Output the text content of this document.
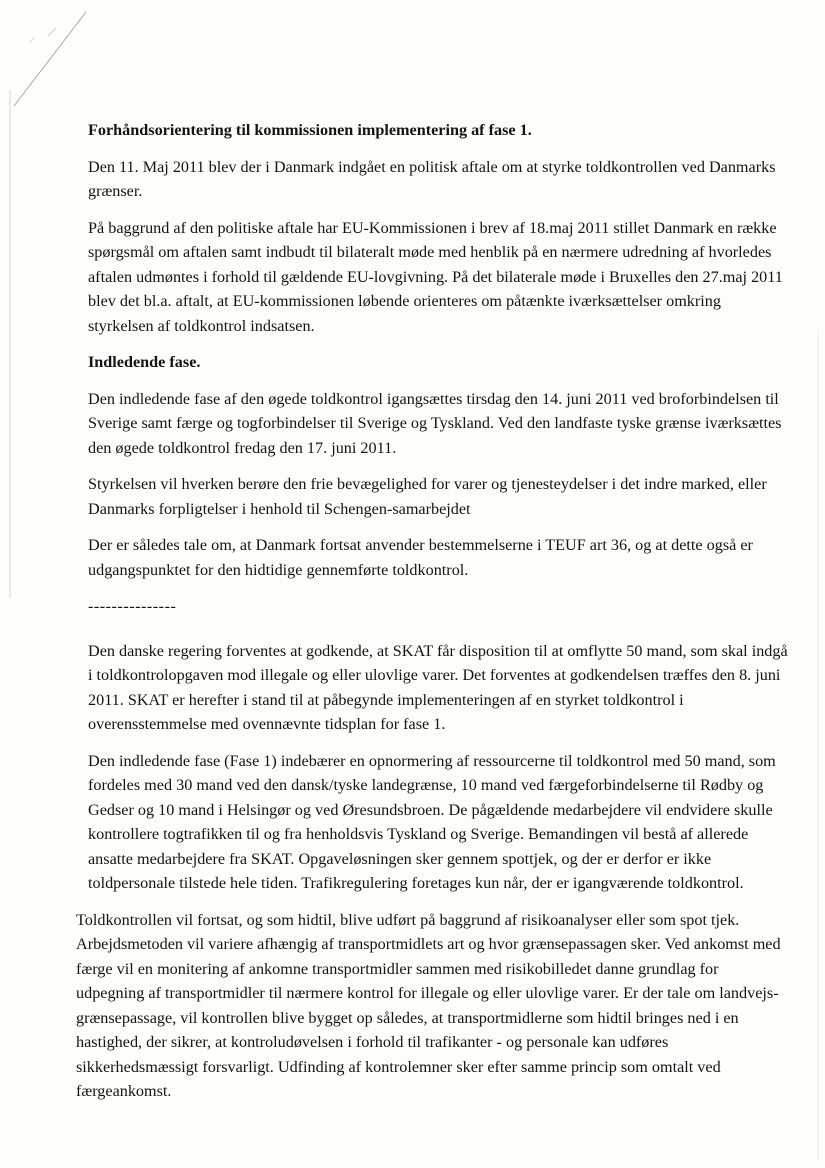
Forhåndsorientering til kommissionen implementering af fase 1.

Den 11. Maj 2011 blev der i Danmark indgået en politisk aftale om at styrke toldkontrollen ved Danmarks grænser.

På baggrund af den politiske aftale har EU-Kommissionen i brev af 18.maj 2011 stillet Danmark en række spørgsmål om aftalen samt indbudt til bilateralt møde med henblik på en nærmere udredning af hvorledes aftalen udmøntes i forhold til gældende EU-lovgivning. På det bilaterale møde i Bruxelles den 27.maj 2011 blev det bl.a. aftalt, at EU-kommissionen løbende orienteres om påtænkte iværksættelser omkring styrkelsen af toldkontrol indsatsen.

Indledende fase.

Den indledende fase af den øgede toldkontrol igangsættes tirsdag den 14. juni 2011 ved broforbindelsen til Sverige samt færge og togforbindelser til Sverige og Tyskland. Ved den landfaste tyske grænse iværksættes den øgede toldkontrol fredag den 17. juni 2011.

Styrkelsen vil hverken berøre den frie bevægelighed for varer og tjenesteydelser i det indre marked, eller Danmarks forpligtelser i henhold til Schengen-samarbejdet

Der er således tale om, at Danmark fortsat anvender bestemmelserne i TEUF art 36, og at dette også er udgangspunktet for den hidtidige gennemførte toldkontrol.

---------------

Den danske regering forventes at godkende, at SKAT får disposition til at omflytte 50 mand, som skal indgå i toldkontrolopgaven mod illegale og eller ulovlige varer. Det forventes at godkendelsen træffes den 8. juni 2011. SKAT er herefter i stand til at påbegynde implementeringen af en styrket toldkontrol i overensstemmelse med ovennævnte tidsplan for fase 1.

Den indledende fase (Fase 1) indebærer en opnormering af ressourcerne til toldkontrol med 50 mand, som fordeles med 30 mand ved den dansk/tyske landegrænse, 10 mand ved færgeforbindelserne til Rødby og Gedser og 10 mand i Helsingør og ved Øresundsbroen. De pågældende medarbejdere vil endvidere skulle kontrollere togtrafikken til og fra henholdsvis Tyskland og Sverige. Bemandingen vil bestå af allerede ansatte medarbejdere fra SKAT. Opgaveløsningen sker gennem spottjek, og der er derfor er ikke toldpersonale tilstede hele tiden. Trafikregulering foretages kun når, der er igangværende toldkontrol.

Toldkontrollen vil fortsat, og som hidtil, blive udført på baggrund af risikoanalyser eller som spot tjek. Arbejdsmetoden vil variere afhængig af transportmidlets art og hvor grænsepassagen sker. Ved ankomst med færge vil en monitering af ankomne transportmidler sammen med risikobilledet danne grundlag for udpegning af transportmidler til nærmere kontrol for illegale og eller ulovlige varer. Er der tale om landvejs-grænsepassage, vil kontrollen blive bygget op således, at transportmidlerne som hidtil bringes ned i en hastighed, der sikrer, at kontroludøvelsen i forhold til trafikanter - og personale kan udføres sikkerhedsmæssigt forsvarligt. Udfinding af kontrolemner sker efter samme princip som omtalt ved færgeankomst.
